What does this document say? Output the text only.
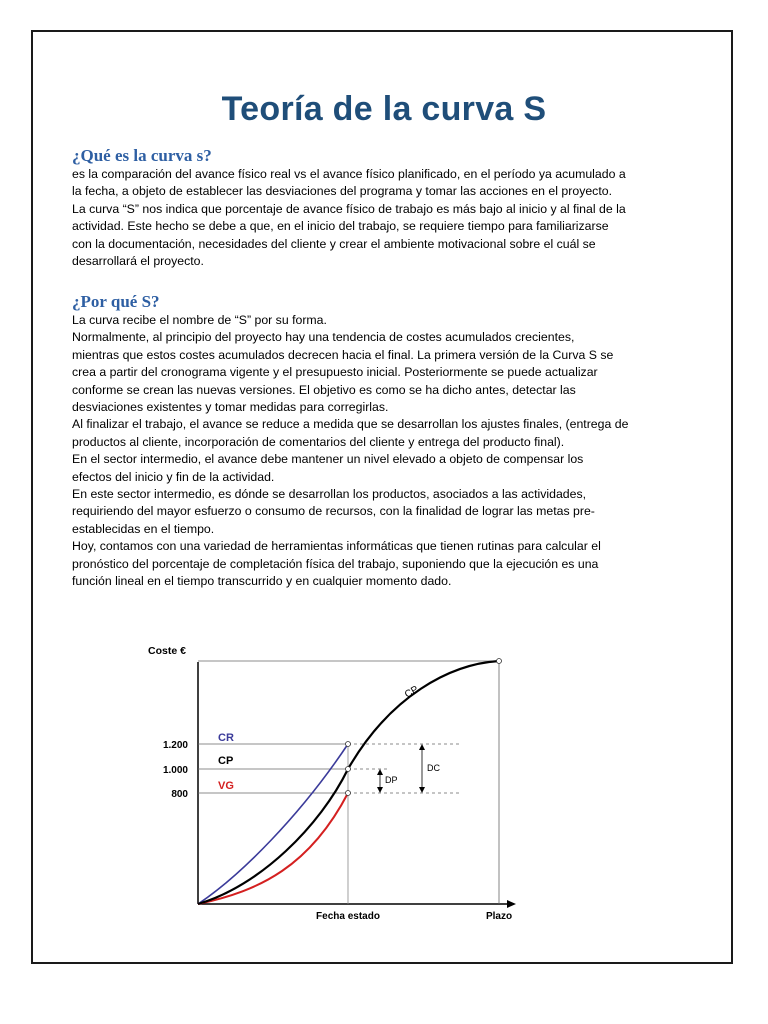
Teoría de la curva S
¿Qué es la curva s?

es la comparación del avance físico real vs el avance físico planificado, en el período ya acumulado a
la fecha, a objeto de establecer las desviaciones del programa y tomar las acciones en el proyecto.
La curva “S” nos indica que porcentaje de avance físico de trabajo es más bajo al inicio y al final de la
actividad. Este hecho se debe a que, en el inicio del trabajo, se requiere tiempo para familiarizarse
con la documentación, necesidades del cliente y crear el ambiente motivacional sobre el cuál se
desarrollará el proyecto.

¿Por qué S?

La curva recibe el nombre de “S” por su forma.
Normalmente, al principio del proyecto hay una tendencia de costes acumulados crecientes,
mientras que estos costes acumulados decrecen hacia el final. La primera versión de la Curva S se
crea a partir del cronograma vigente y el presupuesto inicial. Posteriormente se puede actualizar
conforme se crean las nuevas versiones. El objetivo es como se ha dicho antes, detectar las
desviaciones existentes y tomar medidas para corregirlas.
Al finalizar el trabajo, el avance se reduce a medida que se desarrollan los ajustes finales, (entrega de
productos al cliente, incorporación de comentarios del cliente y entrega del producto final).
En el sector intermedio, el avance debe mantener un nivel elevado a objeto de compensar los
efectos del inicio y fin de la actividad.
En este sector intermedio, es dónde se desarrollan los productos, asociados a las actividades,
requiriendo del mayor esfuerzo o consumo de recursos, con la finalidad de lograr las metas pre-
establecidas en el tiempo.
Hoy, contamos con una variedad de herramientas informáticas que tienen rutinas para calcular el
pronóstico del porcentaje de completación física del trabajo, suponiendo que la ejecución es una
función lineal en el tiempo transcurrido y en cualquier momento dado.

DC
DP
Coste €
1.200
1.000
800
CR
CP
VG
CP
Fecha estado	Plazo
